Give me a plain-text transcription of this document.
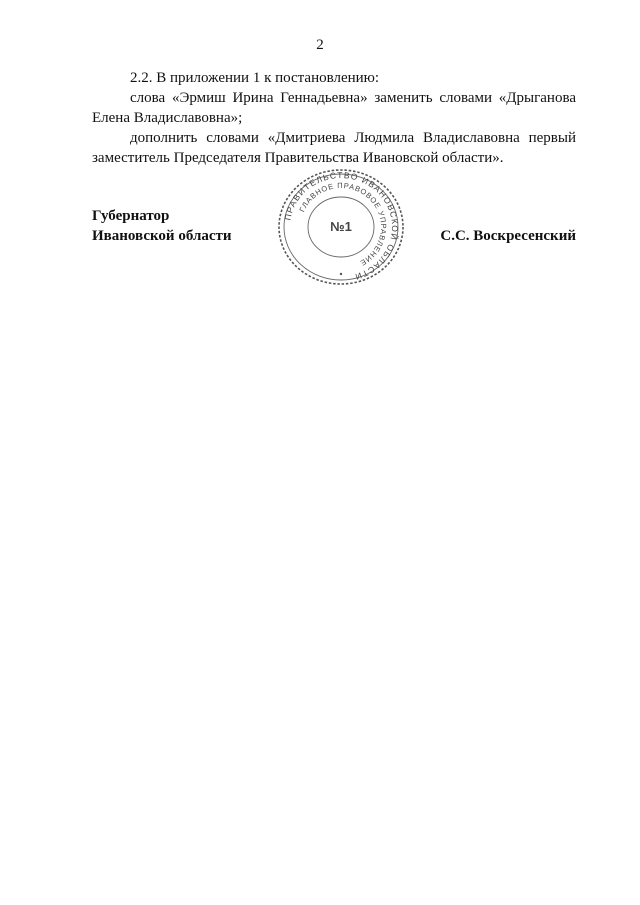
2

2.2. В приложении 1 к постановлению:

слова «Эрмиш Ирина Геннадьевна» заменить словами «Дрыганова Елена Владиславовна»;

дополнить словами «Дмитриева Людмила Владиславовна первый заместитель Председателя Правительства Ивановской области».

Губернатор
Ивановской области	С.С. Воскресенский
ПРАВИТЕЛЬСТВО ИВАНОВСКОЙ ОБЛАСТИ
ГЛАВНОЕ ПРАВОВОЕ УПРАВЛЕНИЕ
№1
